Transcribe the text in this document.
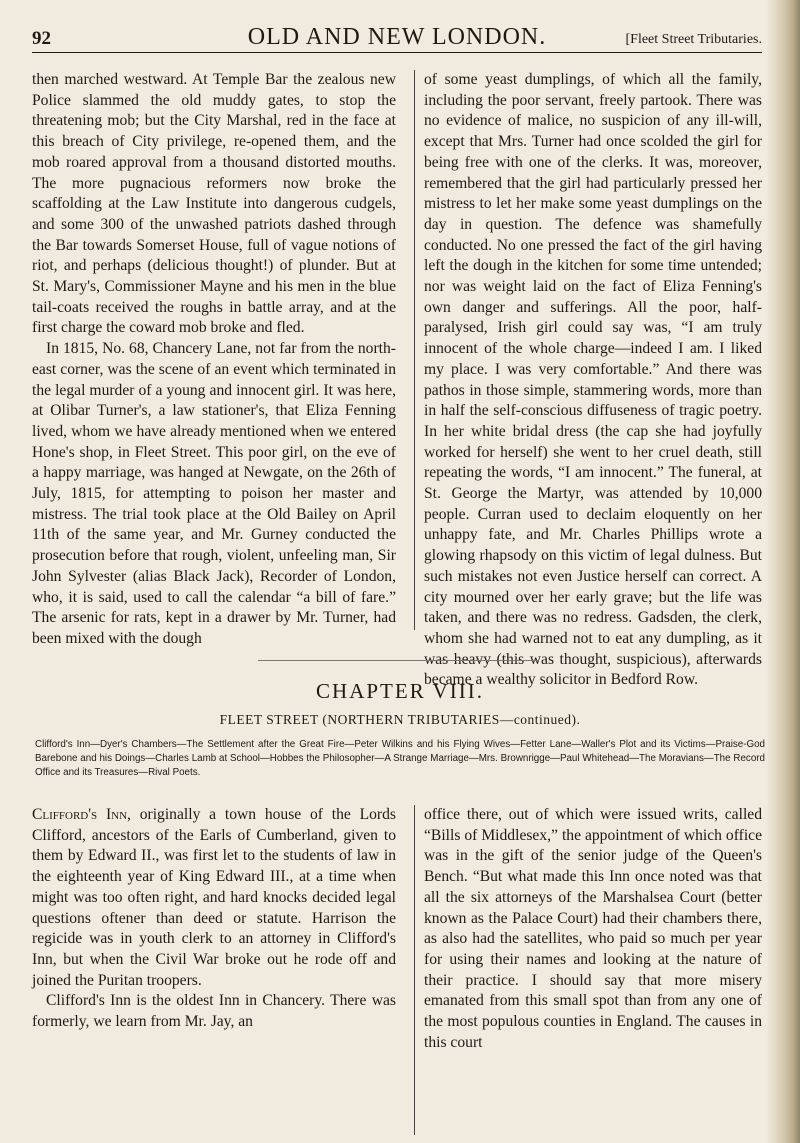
92	OLD AND NEW LONDON.	[Fleet Street Tributaries.

then marched westward. At Temple Bar the zealous new Police slammed the old muddy gates, to stop the threatening mob; but the City Marshal, red in the face at this breach of City privilege, re-opened them, and the mob roared approval from a thousand distorted mouths. The more pugnacious reformers now broke the scaffolding at the Law Institute into dangerous cudgels, and some 300 of the unwashed patriots dashed through the Bar towards Somerset House, full of vague notions of riot, and perhaps (delicious thought!) of plunder. But at St. Mary's, Commissioner Mayne and his men in the blue tail-coats received the roughs in battle array, and at the first charge the coward mob broke and fled.

In 1815, No. 68, Chancery Lane, not far from the north-east corner, was the scene of an event which terminated in the legal murder of a young and innocent girl. It was here, at Olibar Turner's, a law stationer's, that Eliza Fenning lived, whom we have already mentioned when we entered Hone's shop, in Fleet Street. This poor girl, on the eve of a happy marriage, was hanged at Newgate, on the 26th of July, 1815, for attempting to poison her master and mistress. The trial took place at the Old Bailey on April 11th of the same year, and Mr. Gurney conducted the prosecution before that rough, violent, unfeeling man, Sir John Sylvester (alias Black Jack), Recorder of London, who, it is said, used to call the calendar “a bill of fare.” The arsenic for rats, kept in a drawer by Mr. Turner, had been mixed with the dough

of some yeast dumplings, of which all the family, including the poor servant, freely partook. There was no evidence of malice, no suspicion of any ill-will, except that Mrs. Turner had once scolded the girl for being free with one of the clerks. It was, moreover, remembered that the girl had particularly pressed her mistress to let her make some yeast dumplings on the day in question. The defence was shamefully conducted. No one pressed the fact of the girl having left the dough in the kitchen for some time untended; nor was weight laid on the fact of Eliza Fenning's own danger and sufferings. All the poor, half-paralysed, Irish girl could say was, “I am truly innocent of the whole charge—indeed I am. I liked my place. I was very comfortable.” And there was pathos in those simple, stammering words, more than in half the self-conscious diffuseness of tragic poetry. In her white bridal dress (the cap she had joyfully worked for herself) she went to her cruel death, still repeating the words, “I am innocent.” The funeral, at St. George the Martyr, was attended by 10,000 people. Curran used to declaim eloquently on her unhappy fate, and Mr. Charles Phillips wrote a glowing rhapsody on this victim of legal dulness. But such mistakes not even Justice herself can correct. A city mourned over her early grave; but the life was taken, and there was no redress. Gadsden, the clerk, whom she had warned not to eat any dumpling, as it was heavy (this was thought, suspicious), afterwards became a wealthy solicitor in Bedford Row.

CHAPTER VIII.
FLEET STREET (NORTHERN TRIBUTARIES—continued).
Clifford's Inn—Dyer's Chambers—The Settlement after the Great Fire—Peter Wilkins and his Flying Wives—Fetter Lane—Waller's Plot and its Victims—Praise-God Barebone and his Doings—Charles Lamb at School—Hobbes the Philosopher—A Strange Marriage—Mrs. Brownrigge—Paul Whitehead—The Moravians—The Record Office and its Treasures—Rival Poets.

Clifford's Inn, originally a town house of the Lords Clifford, ancestors of the Earls of Cumberland, given to them by Edward II., was first let to the students of law in the eighteenth year of King Edward III., at a time when might was too often right, and hard knocks decided legal questions oftener than deed or statute. Harrison the regicide was in youth clerk to an attorney in Clifford's Inn, but when the Civil War broke out he rode off and joined the Puritan troopers.

Clifford's Inn is the oldest Inn in Chancery. There was formerly, we learn from Mr. Jay, an

office there, out of which were issued writs, called “Bills of Middlesex,” the appointment of which office was in the gift of the senior judge of the Queen's Bench. “But what made this Inn once noted was that all the six attorneys of the Marshalsea Court (better known as the Palace Court) had their chambers there, as also had the satellites, who paid so much per year for using their names and looking at the nature of their practice. I should say that more misery emanated from this small spot than from any one of the most populous counties in England. The causes in this court
